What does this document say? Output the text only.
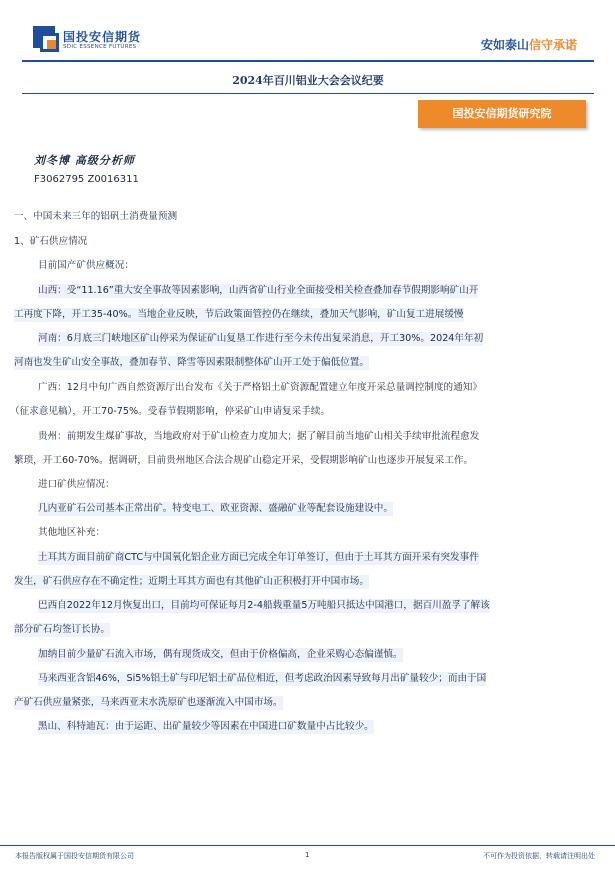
国投安信期货
SDIC ESSENCE FUTURES	安如泰山信守承诺
2024年百川铝业大会会议纪要
国投安信期货研究院
刘冬博 高级分析师
F3062795 Z0016311
一、中国未来三年的铝矾土消费量预测
1、矿石供应情况
目前国产矿供应概况：
山西：受“11.16”重大安全事故等因素影响，山西省矿山行业全面接受相关检查叠加春节假期影响矿山开
工再度下降，开工35-40%。当地企业反映，节后政策面管控仍在继续，叠加天气影响，矿山复工进展缓慢
河南：6月底三门峡地区矿山停采为保证矿山复垦工作进行至今未传出复采消息，开工30%。2024年年初
河南也发生矿山安全事故，叠加春节、降雪等因素限制整体矿山开工处于偏低位置。
广西：12月中旬广西自然资源厅出台发布《关于严格铝土矿资源配置建立年度开采总量调控制度的通知》
（征求意见稿），开工70-75%。受春节假期影响，停采矿山申请复采手续。
贵州：前期发生煤矿事故，当地政府对于矿山检查力度加大；据了解目前当地矿山相关手续审批流程愈发
繁琐，开工60-70%。据调研，目前贵州地区合法合规矿山稳定开采，受假期影响矿山也逐步开展复采工作。
进口矿供应情况：
几内亚矿石公司基本正常出矿。特变电工、欧亚资源、盛融矿业等配套设施建设中。
其他地区补充：
土耳其方面目前矿商CTC与中国氧化铝企业方面已完成全年订单签订，但由于土耳其方面开采有突发事件
发生，矿石供应存在不确定性；近期土耳其方面也有其他矿山正积极打开中国市场。
巴西自2022年12月恢复出口，目前均可保证每月2-4船载重量5万吨船只抵达中国港口，据百川盈孚了解该
部分矿石均签订长协。
加纳目前少量矿石流入市场，偶有现货成交，但由于价格偏高，企业采购心态偏谨慎。
马来西亚含铝46%，Si5%铝土矿与印尼铝土矿品位相近，但考虑政治因素导致每月出矿量较少；而由于国
产矿石供应量紧张，马来西亚末水洗原矿也逐渐流入中国市场。
黑山、科特迪瓦：由于运距、出矿量较少等因素在中国进口矿数量中占比较少。
本报告版权属于国投安信期货有限公司	1	不可作为投资依据，转载请注明出处
